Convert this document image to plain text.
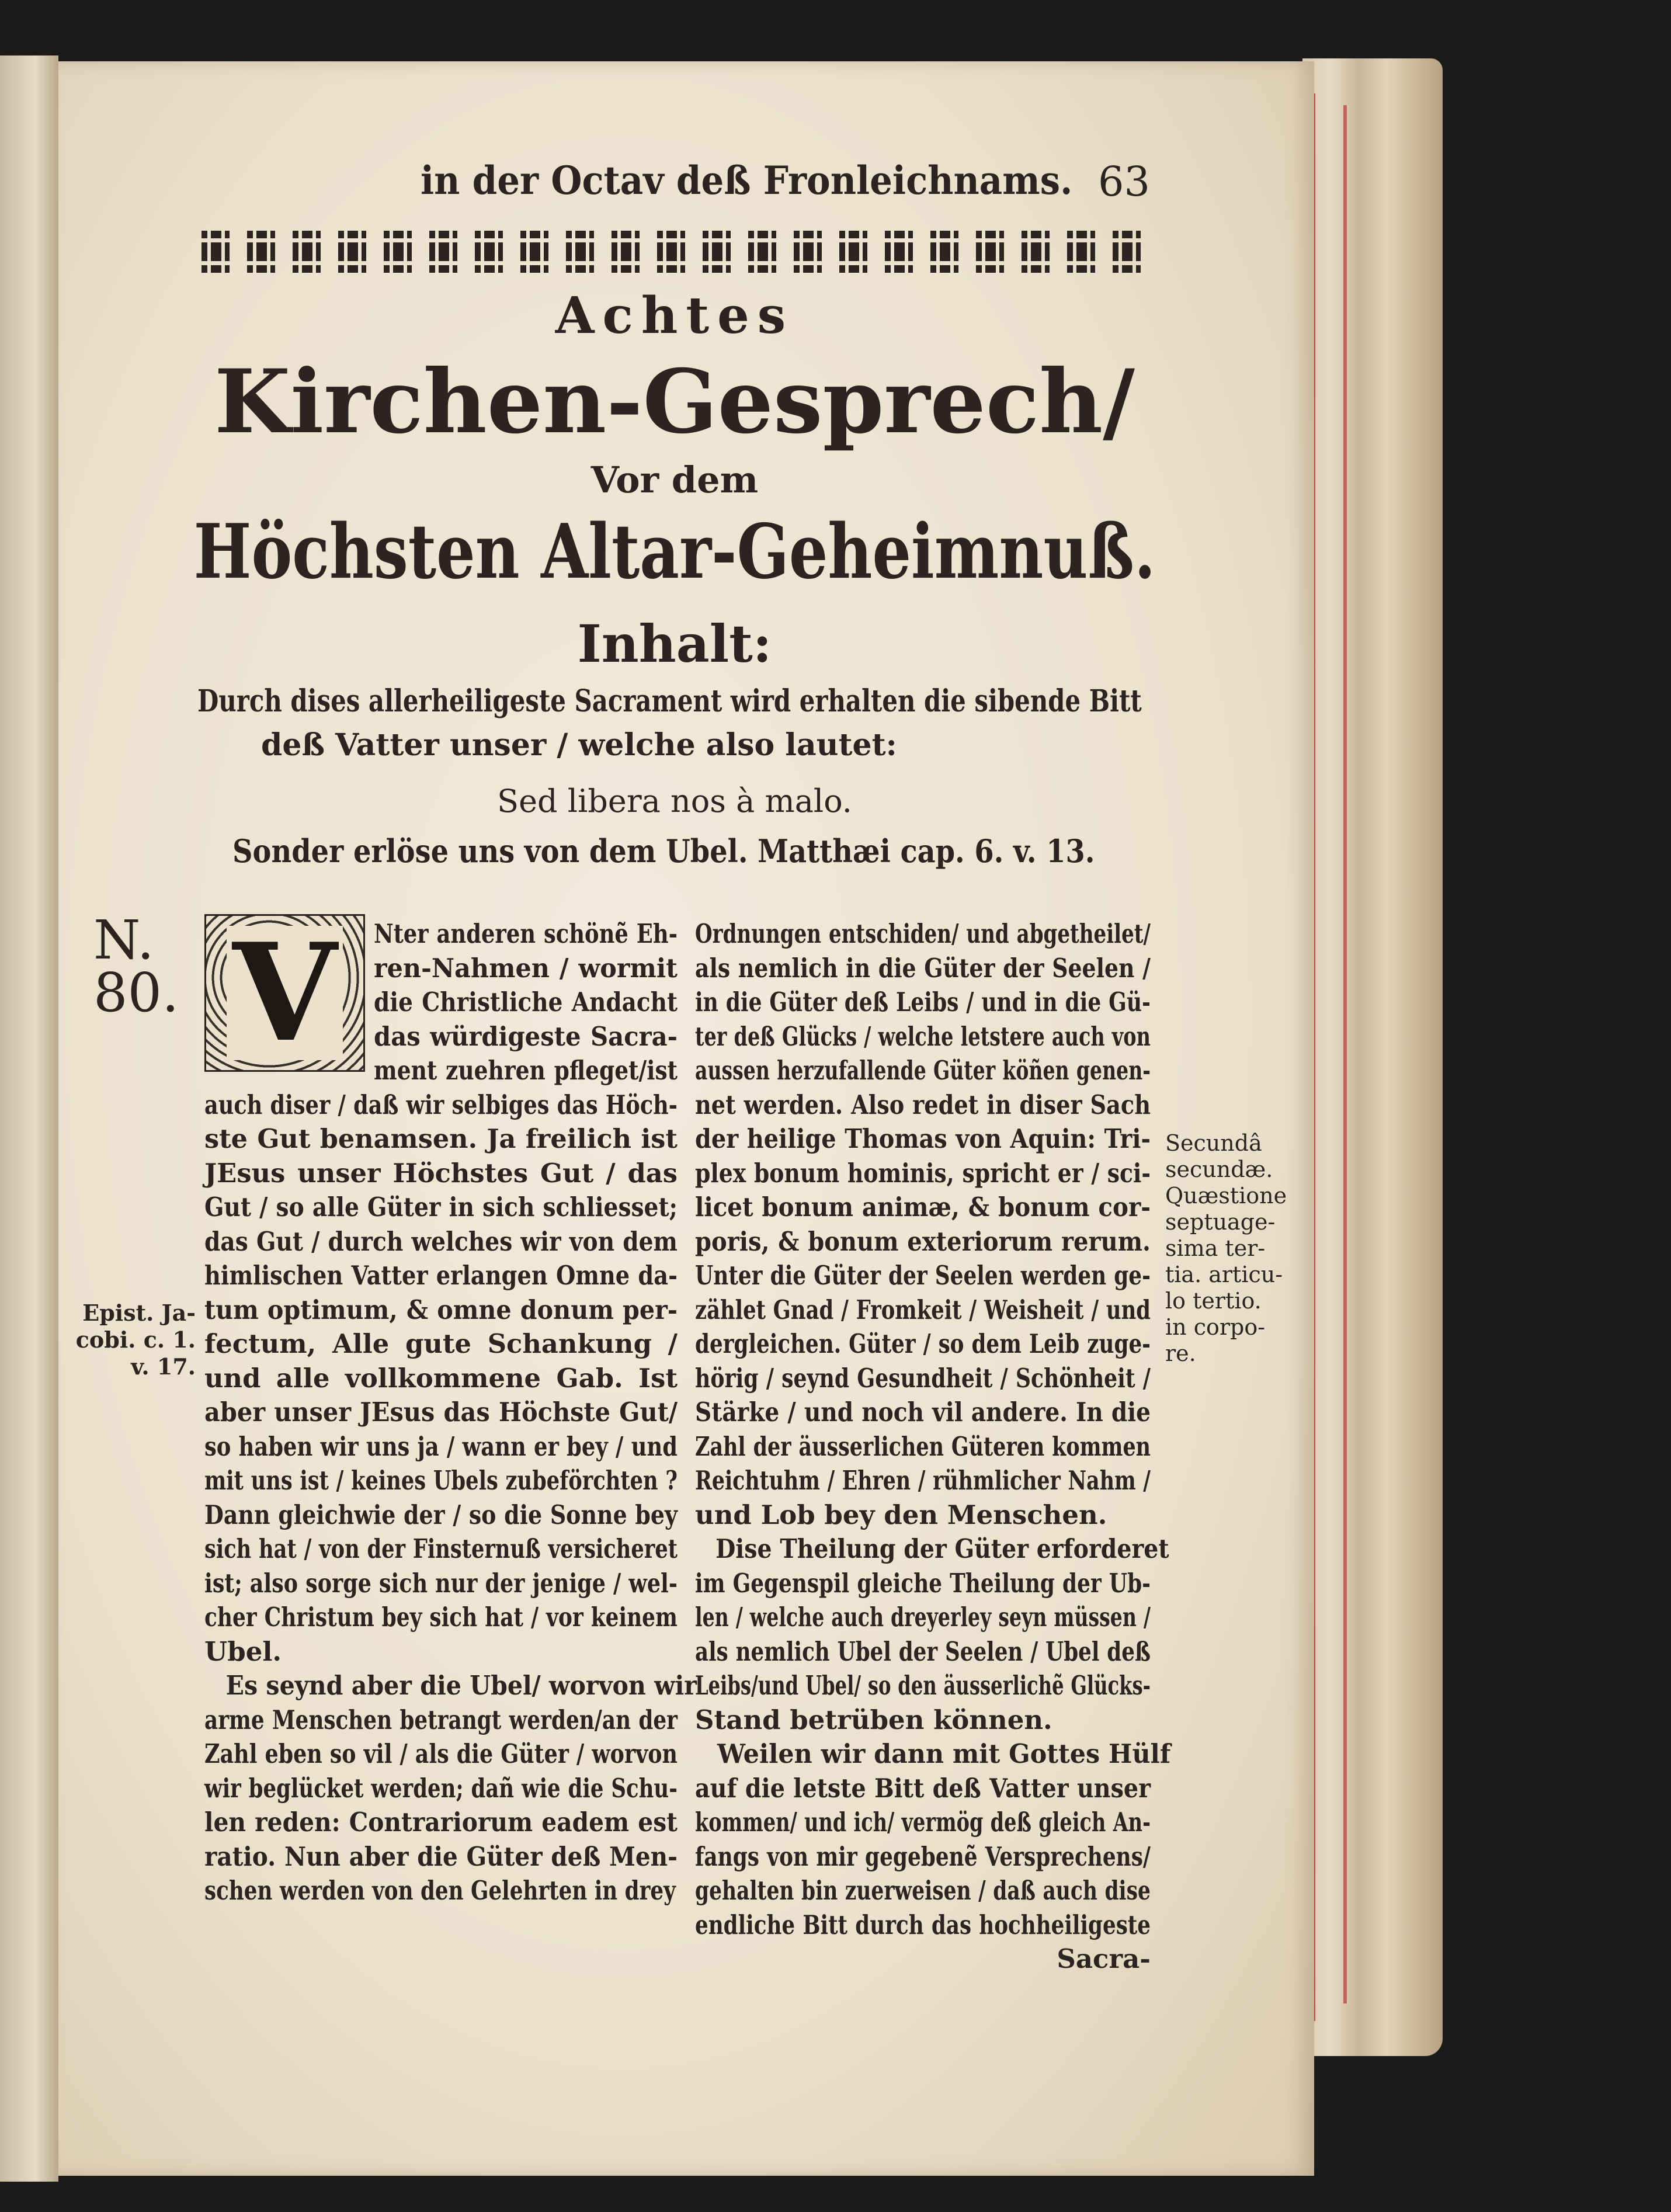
in der Octav deß Fronleichnams. 63
Achtes
Kirchen-Gesprech/
Vor dem
Höchsten Altar-Geheimnuß.
Inhalt:
Durch dises allerheiligeste Sacrament wird erhalten die sibende Bitt
deß Vatter unser / welche also lautet:
Sed libera nos à malo.
Sonder erlöse uns von dem Ubel. Matthæi cap. 6. v. 13.
N.
80. V
Epist. Ja-
cobi. c. 1.
v. 17.
Secundâ
secundæ.
Quæstione
septuage-
sima ter-
tia. articu-
lo tertio.
in corpo-
re.
Nter anderen schönẽ Eh-
ren-Nahmen / wormit
die Christliche Andacht
das würdigeste Sacra-
ment zuehren pfleget/ist
auch diser / daß wir selbiges das Höch-
ste Gut benamsen. Ja freilich ist
JEsus unser Höchstes Gut / das
Gut / so alle Güter in sich schliesset;
das Gut / durch welches wir von dem
himlischen Vatter erlangen Omne da-
tum optimum, & omne donum per-
fectum, Alle gute Schankung /
und alle vollkommene Gab. Ist
aber unser JEsus das Höchste Gut/
so haben wir uns ja / wann er bey / und
mit uns ist / keines Ubels zubeförchten ?
Dann gleichwie der / so die Sonne bey
sich hat / von der Finsternuß versicheret
ist; also sorge sich nur der jenige / wel-
cher Christum bey sich hat / vor keinem
Ubel.
Es seynd aber die Ubel/ worvon wir
arme Menschen betrangt werden/an der
Zahl eben so vil / als die Güter / worvon
wir beglücket werden; dañ wie die Schu-
len reden: Contrariorum eadem est
ratio. Nun aber die Güter deß Men-
schen werden von den Gelehrten in drey
Ordnungen entschiden/ und abgetheilet/
als nemlich in die Güter der Seelen /
in die Güter deß Leibs / und in die Gü-
ter deß Glücks / welche letstere auch von
aussen herzufallende Güter köñen genen-
net werden. Also redet in diser Sach
der heilige Thomas von Aquin: Tri-
plex bonum hominis, spricht er / sci-
licet bonum animæ, & bonum cor-
poris, & bonum exteriorum rerum.
Unter die Güter der Seelen werden ge-
zählet Gnad / Fromkeit / Weisheit / und
dergleichen. Güter / so dem Leib zuge-
hörig / seynd Gesundheit / Schönheit /
Stärke / und noch vil andere. In die
Zahl der äusserlichen Güteren kommen
Reichtuhm / Ehren / rühmlicher Nahm /
und Lob bey den Menschen.
Dise Theilung der Güter erforderet
im Gegenspil gleiche Theilung der Ub-
len / welche auch dreyerley seyn müssen /
als nemlich Ubel der Seelen / Ubel deß
Leibs/und Ubel/ so den äusserlichẽ Glücks-
Stand betrüben können.
Weilen wir dann mit Gottes Hülf
auf die letste Bitt deß Vatter unser
kommen/ und ich/ vermög deß gleich An-
fangs von mir gegebenẽ Versprechens/
gehalten bin zuerweisen / daß auch dise
endliche Bitt durch das hochheiligeste
Sacra-
